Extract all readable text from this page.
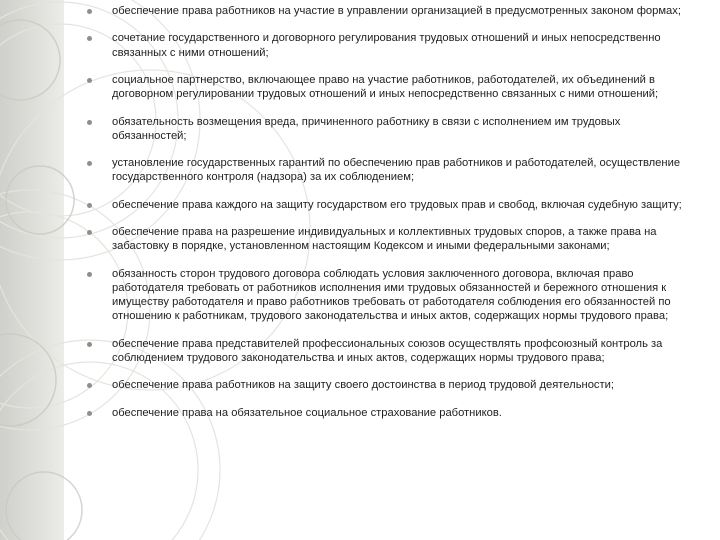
обеспечение права работников на участие в управлении организацией в предусмотренных законом формах;
сочетание государственного и договорного регулирования трудовых отношений и иных непосредственно связанных с ними отношений;
социальное партнерство, включающее право на участие работников, работодателей, их объединений в договорном регулировании трудовых отношений и иных непосредственно связанных с ними отношений;
обязательность возмещения вреда, причиненного работнику в связи с исполнением им трудовых обязанностей;
установление государственных гарантий по обеспечению прав работников и работодателей, осуществление государственного контроля (надзора) за их соблюдением;
обеспечение права каждого на защиту государством его трудовых прав и свобод, включая судебную защиту;
обеспечение права на разрешение индивидуальных и коллективных трудовых споров, а также права на забастовку в порядке, установленном настоящим Кодексом и иными федеральными законами;
обязанность сторон трудового договора соблюдать условия заключенного договора, включая право работодателя требовать от работников исполнения ими трудовых обязанностей и бережного отношения к имуществу работодателя и право работников требовать от работодателя соблюдения его обязанностей по отношению к работникам, трудового законодательства и иных актов, содержащих нормы трудового права;
обеспечение права представителей профессиональных союзов осуществлять профсоюзный контроль за соблюдением трудового законодательства и иных актов, содержащих нормы трудового права;
обеспечение права работников на защиту своего достоинства в период трудовой деятельности;
обеспечение права на обязательное социальное страхование работников.
